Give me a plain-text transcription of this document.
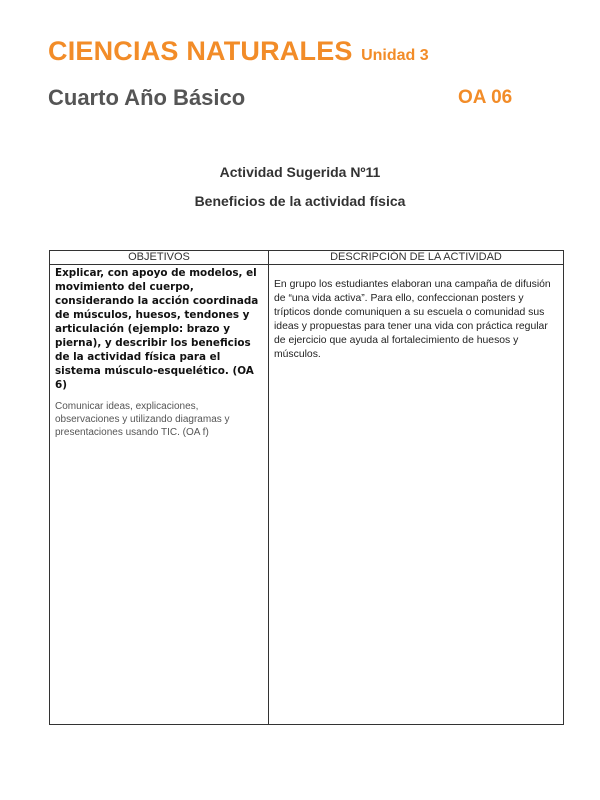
CIENCIAS NATURALES Unidad 3
Cuarto Año Básico	OA 06
Actividad Sugerida Nº11
Beneficios de la actividad física
OBJETIVOS	DESCRIPCIÓN DE LA ACTIVIDAD
Explicar, con apoyo de modelos, el movimiento del cuerpo, considerando la acción coordinada de músculos, huesos, tendones y articulación (ejemplo: brazo y pierna), y describir los beneficios de la actividad física para el sistema músculo-esquelético. (OA 6)
Comunicar ideas, explicaciones, observaciones y utilizando diagramas y presentaciones usando TIC. (OA f)
En grupo los estudiantes elaboran una campaña de difusión de “una vida activa”. Para ello, confeccionan posters y trípticos donde comuniquen a su escuela o comunidad sus ideas y propuestas para tener una vida con práctica regular de ejercicio que ayuda al fortalecimiento de huesos y músculos.
